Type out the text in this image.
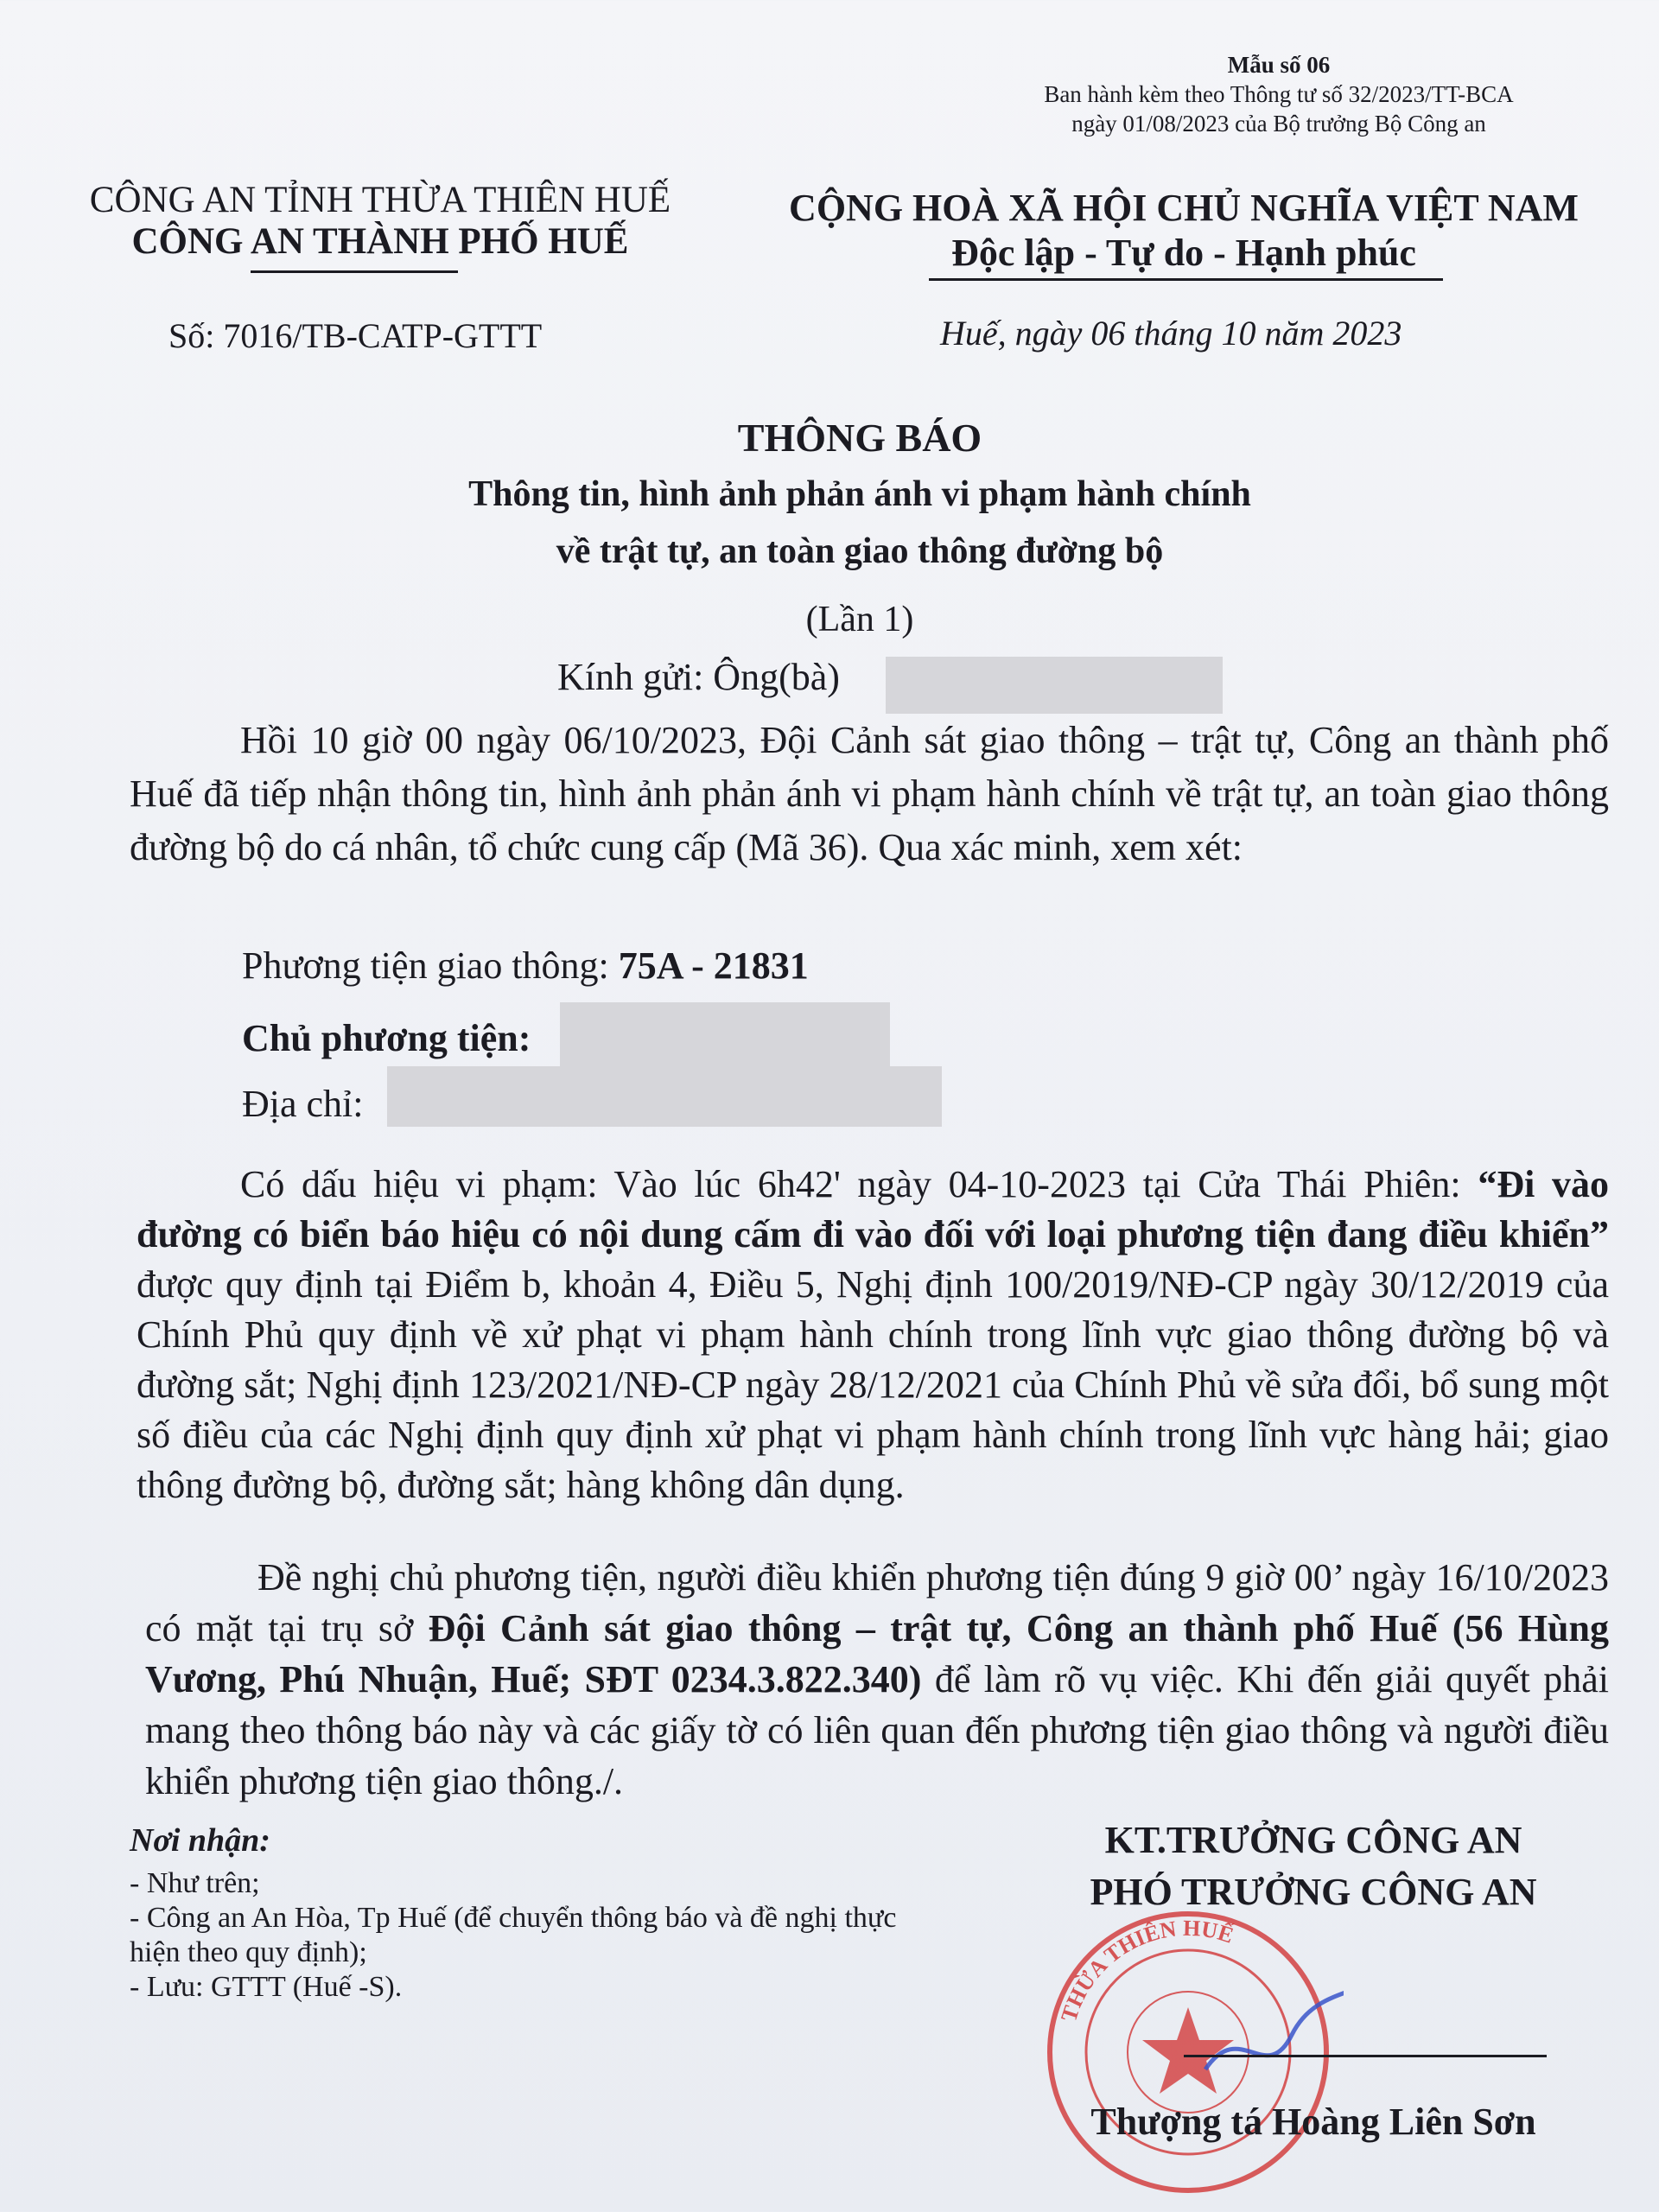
Mẫu số 06
Ban hành kèm theo Thông tư số 32/2023/TT-BCA
ngày 01/08/2023 của Bộ trưởng Bộ Công an
CÔNG AN TỈNH THỪA THIÊN HUẾ
CÔNG AN THÀNH PHỐ HUẾ
CỘNG HOÀ XÃ HỘI CHỦ NGHĨA VIỆT NAM
Độc lập - Tự do - Hạnh phúc
Số: 7016/TB-CATP-GTTT	Huế, ngày 06 tháng 10 năm 2023
THÔNG BÁO
Thông tin, hình ảnh phản ánh vi phạm hành chính
về trật tự, an toàn giao thông đường bộ
(Lần 1)
Kính gửi: Ông(bà)
Hồi 10 giờ 00 ngày 06/10/2023, Đội Cảnh sát giao thông – trật tự, Công an thành phố Huế đã tiếp nhận thông tin, hình ảnh phản ánh vi phạm hành chính về trật tự, an toàn giao thông đường bộ do cá nhân, tổ chức cung cấp (Mã 36). Qua xác minh, xem xét:
Phương tiện giao thông: 75A - 21831
Chủ phương tiện:
Địa chỉ:
Có dấu hiệu vi phạm: Vào lúc 6h42' ngày 04-10-2023 tại Cửa Thái Phiên: “Đi vào đường có biển báo hiệu có nội dung cấm đi vào đối với loại phương tiện đang điều khiển” được quy định tại Điểm b, khoản 4, Điều 5, Nghị định 100/2019/NĐ-CP ngày 30/12/2019 của Chính Phủ quy định về xử phạt vi phạm hành chính trong lĩnh vực giao thông đường bộ và đường sắt; Nghị định 123/2021/NĐ-CP ngày 28/12/2021 của Chính Phủ về sửa đổi, bổ sung một số điều của các Nghị định quy định xử phạt vi phạm hành chính trong lĩnh vực hàng hải; giao thông đường bộ, đường sắt; hàng không dân dụng.
Đề nghị chủ phương tiện, người điều khiển phương tiện đúng 9 giờ 00’ ngày 16/10/2023 có mặt tại trụ sở Đội Cảnh sát giao thông – trật tự, Công an thành phố Huế (56 Hùng Vương, Phú Nhuận, Huế; SĐT 0234.3.822.340) để làm rõ vụ việc. Khi đến giải quyết phải mang theo thông báo này và các giấy tờ có liên quan đến phương tiện giao thông và người điều khiển phương tiện giao thông./.
Nơi nhận:
- Như trên;
- Công an An Hòa, Tp Huế (để chuyển thông báo và đề nghị thực hiện theo quy định);
- Lưu: GTTT (Huế -S).
THỪA THIÊN HUẾ
KT.TRƯỞNG CÔNG AN
PHÓ TRƯỞNG CÔNG AN
Thượng tá Hoàng Liên Sơn
